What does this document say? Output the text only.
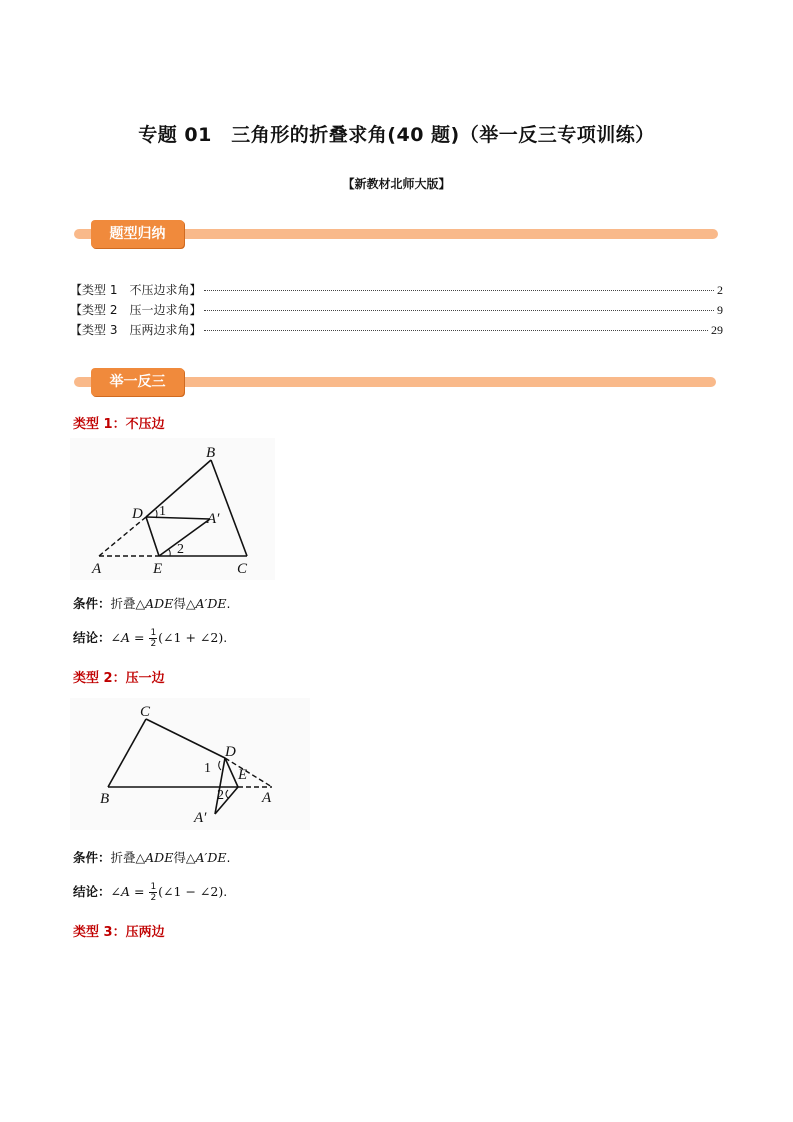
专题 01　三角形的折叠求角(40 题)（举一反三专项训练）
【新教材北师大版】
题型归纳
【类型 1　不压边求角】	2
【类型 2　压一边求角】	9
【类型 3　压两边求角】	29
举一反三
类型 1：不压边
B
D	A′
A	E	C
1
2
条件：折叠△ADE得△A′DE.
结论：∠A = $\frac{1}{2}$ (∠1 + ∠2).
类型 2：压一边
C
D
E
A
B
A′
1
2
条件：折叠△ADE得△A′DE.
结论：∠A = $\frac{1}{2}$ (∠1 − ∠2).
类型 3：压两边
